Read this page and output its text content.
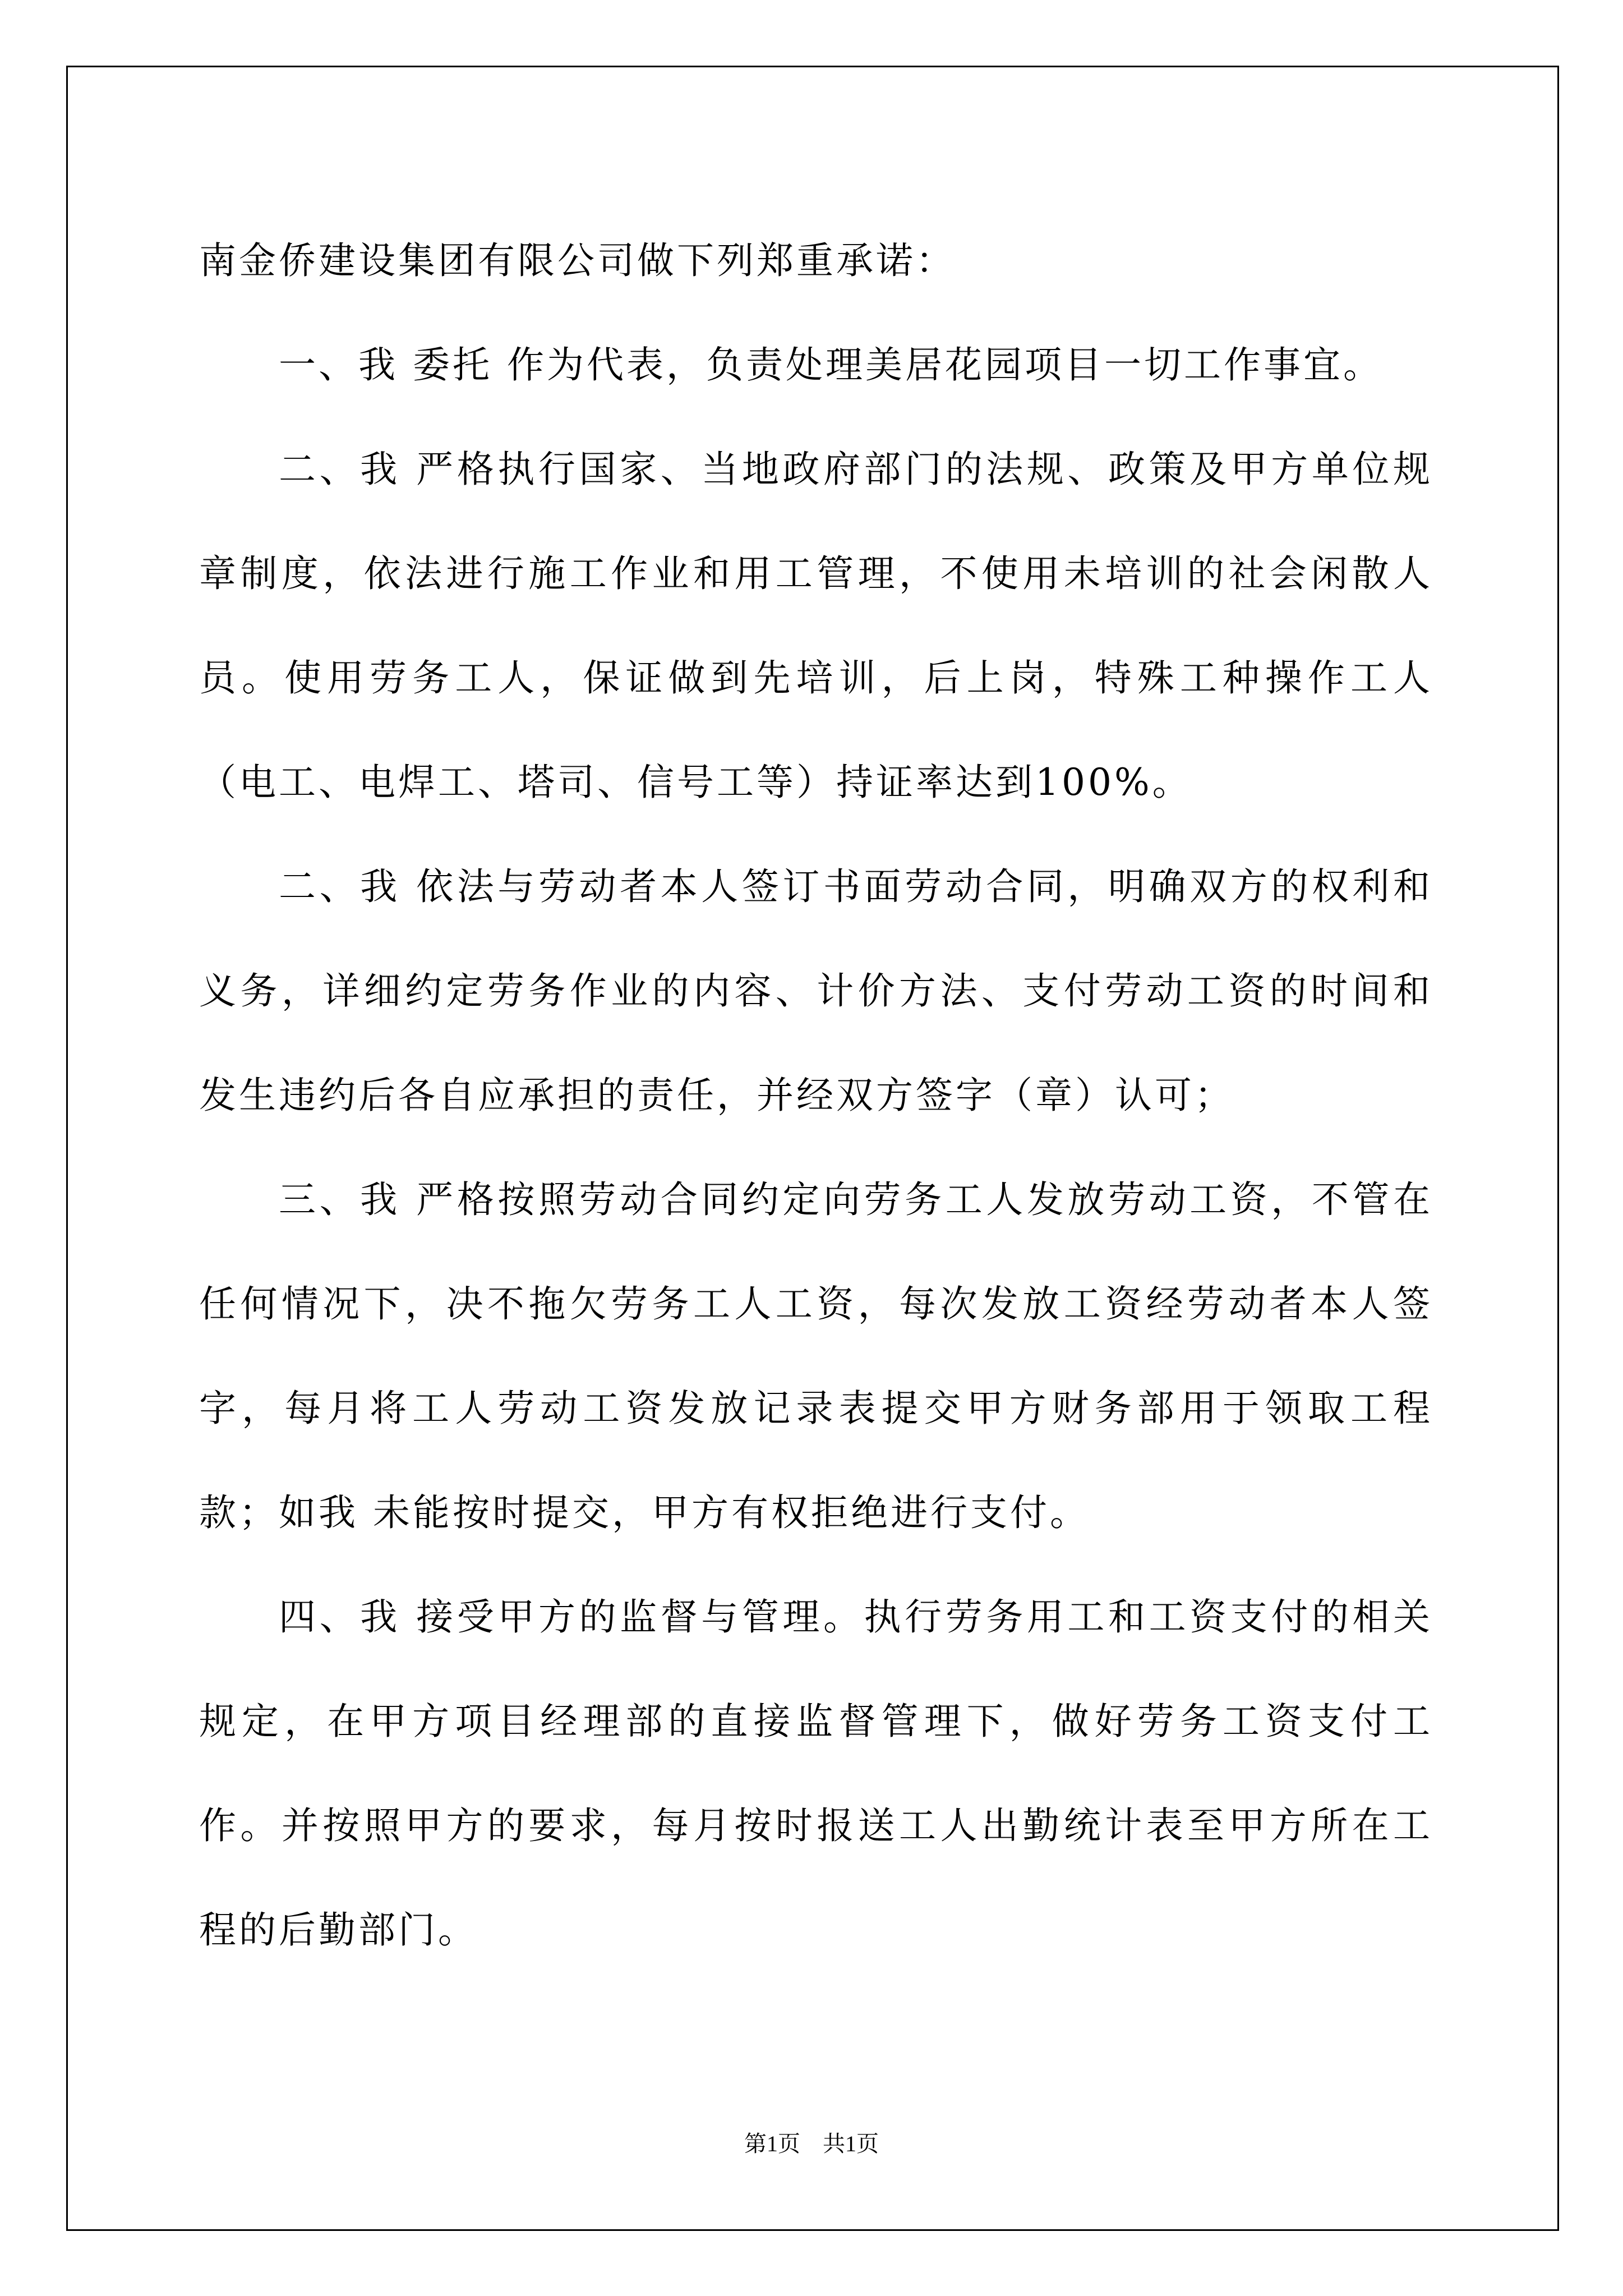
南金侨建设集团有限公司做下列郑重承诺：

一、我 委托 作为代表，负责处理美居花园项目一切工作事宜。

二、我 严格执行国家、当地政府部门的法规、政策及甲方单位规章制度，依法进行施工作业和用工管理，不使用未培训的社会闲散人员。使用劳务工人，保证做到先培训，后上岗，特殊工种操作工人（电工、电焊工、塔司、信号工等）持证率达到100%。

二、我 依法与劳动者本人签订书面劳动合同，明确双方的权利和义务，详细约定劳务作业的内容、计价方法、支付劳动工资的时间和发生违约后各自应承担的责任，并经双方签字（章）认可；

三、我 严格按照劳动合同约定向劳务工人发放劳动工资，不管在任何情况下，决不拖欠劳务工人工资，每次发放工资经劳动者本人签字，每月将工人劳动工资发放记录表提交甲方财务部用于领取工程款；如我 未能按时提交，甲方有权拒绝进行支付。

四、我 接受甲方的监督与管理。执行劳务用工和工资支付的相关规定，在甲方项目经理部的直接监督管理下，做好劳务工资支付工作。并按照甲方的要求，每月按时报送工人出勤统计表至甲方所在工程的后勤部门。

第1页 共1页
